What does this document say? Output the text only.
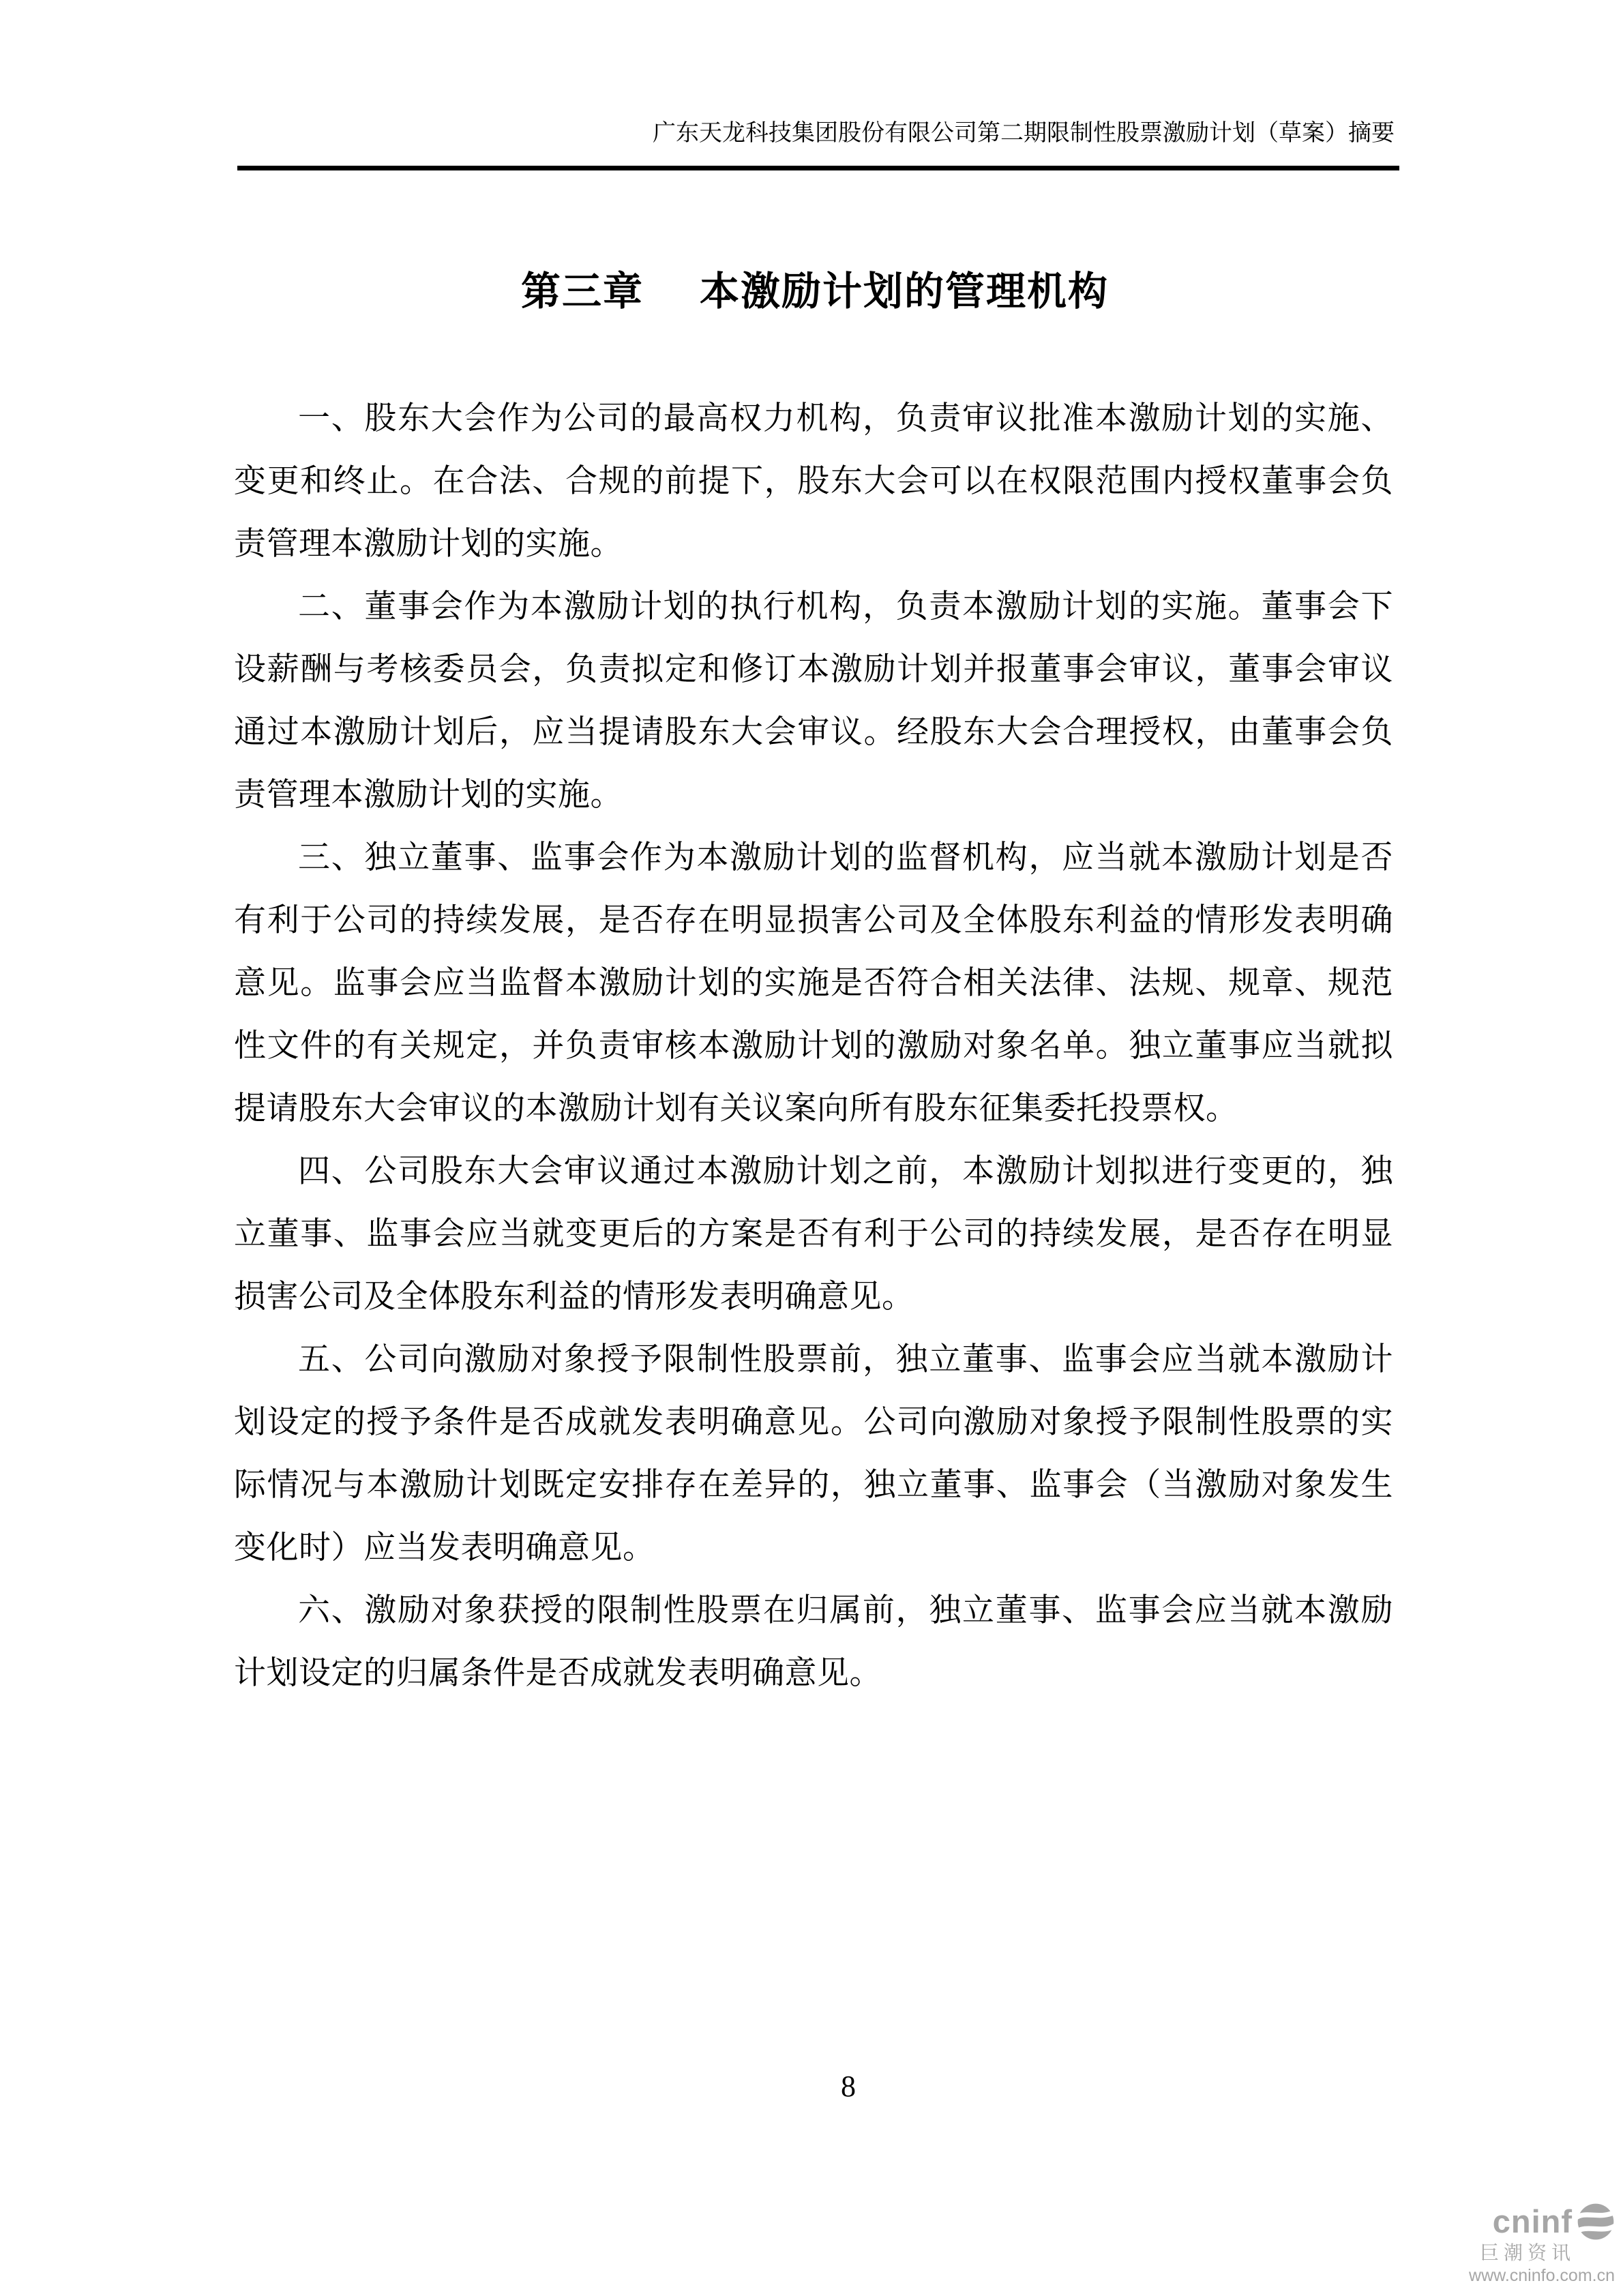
广东天龙科技集团股份有限公司第二期限制性股票激励计划（草案）摘要
第三章 本激励计划的管理机构

一、股东大会作为公司的最高权力机构，负责审议批准本激励计划的实施、变更和终止。在合法、合规的前提下，股东大会可以在权限范围内授权董事会负责管理本激励计划的实施。

二、董事会作为本激励计划的执行机构，负责本激励计划的实施。董事会下设薪酬与考核委员会，负责拟定和修订本激励计划并报董事会审议，董事会审议通过本激励计划后，应当提请股东大会审议。经股东大会合理授权，由董事会负责管理本激励计划的实施。

三、独立董事、监事会作为本激励计划的监督机构，应当就本激励计划是否有利于公司的持续发展，是否存在明显损害公司及全体股东利益的情形发表明确意见。监事会应当监督本激励计划的实施是否符合相关法律、法规、规章、规范性文件的有关规定，并负责审核本激励计划的激励对象名单。独立董事应当就拟提请股东大会审议的本激励计划有关议案向所有股东征集委托投票权。

四、公司股东大会审议通过本激励计划之前，本激励计划拟进行变更的，独立董事、监事会应当就变更后的方案是否有利于公司的持续发展，是否存在明显损害公司及全体股东利益的情形发表明确意见。

五、公司向激励对象授予限制性股票前，独立董事、监事会应当就本激励计划设定的授予条件是否成就发表明确意见。公司向激励对象授予限制性股票的实际情况与本激励计划既定安排存在差异的，独立董事、监事会（当激励对象发生变化时）应当发表明确意见。

六、激励对象获授的限制性股票在归属前，独立董事、监事会应当就本激励计划设定的归属条件是否成就发表明确意见。

8
cninf
巨潮资讯
www.cninfo.com.cn
